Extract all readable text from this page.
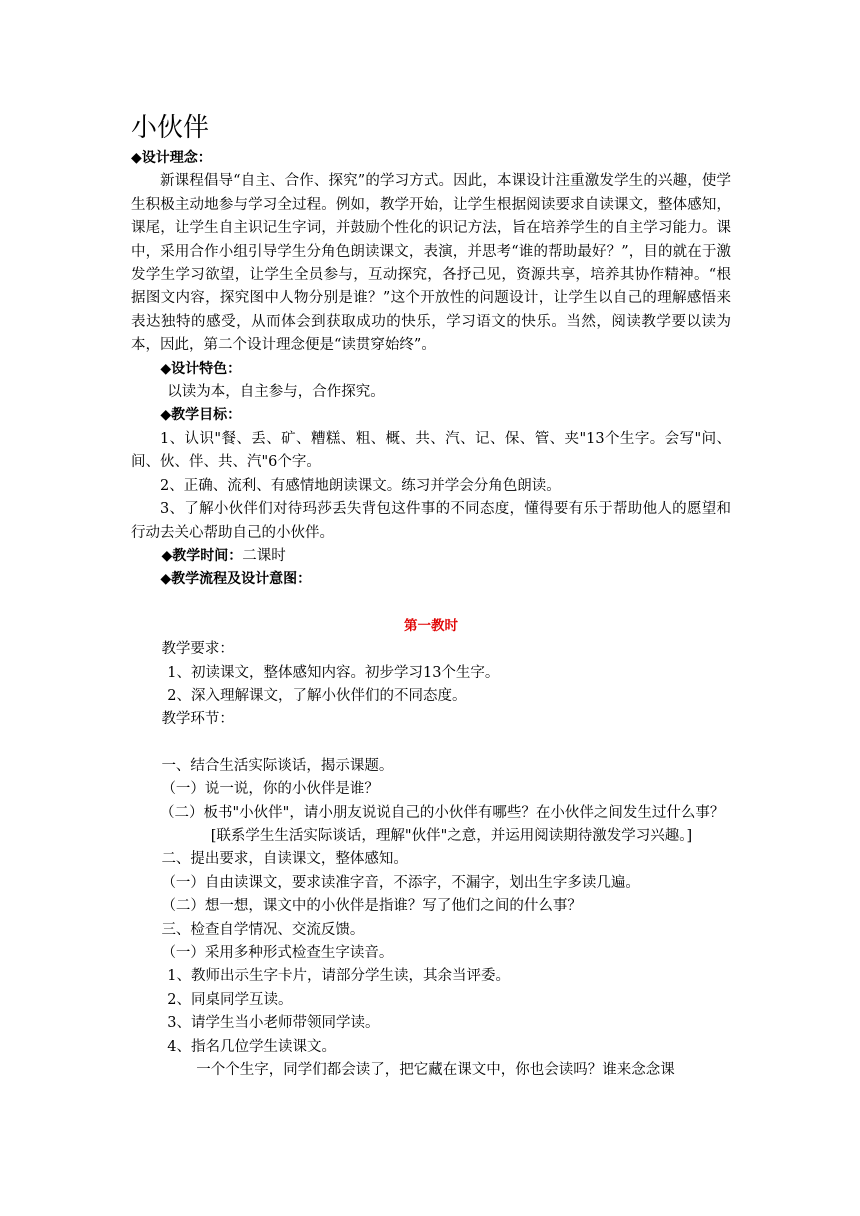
小伙伴

◆设计理念：

新课程倡导“自主、合作、探究”的学习方式。因此，本课设计注重激发学生的兴趣，使学生积极主动地参与学习全过程。例如，教学开始，让学生根据阅读要求自读课文，整体感知，课尾，让学生自主识记生字词，并鼓励个性化的识记方法，旨在培养学生的自主学习能力。课中，采用合作小组引导学生分角色朗读课文，表演，并思考“谁的帮助最好？”，目的就在于激发学生学习欲望，让学生全员参与，互动探究，各抒己见，资源共享，培养其协作精神。“根据图文内容，探究图中人物分别是谁？”这个开放性的问题设计，让学生以自己的理解感悟来表达独特的感受，从而体会到获取成功的快乐，学习语文的快乐。当然，阅读教学要以读为本，因此，第二个设计理念便是“读贯穿始终”。

◆设计特色：

以读为本，自主参与，合作探究。

◆教学目标：

1、认识"餐、丢、矿、糟糕、粗、概、共、汽、记、保、管、夹"13个生字。会写"问、间、伙、伴、共、汽"6个字。

2、正确、流利、有感情地朗读课文。练习并学会分角色朗读。

3、了解小伙伴们对待玛莎丢失背包这件事的不同态度，懂得要有乐于帮助他人的愿望和行动去关心帮助自己的小伙伴。

◆教学时间：二课时

◆教学流程及设计意图：

第一教时

教学要求：

1、初读课文，整体感知内容。初步学习13个生字。

2、深入理解课文，了解小伙伴们的不同态度。

教学环节：

一、结合生活实际谈话，揭示课题。

（一）说一说，你的小伙伴是谁？

（二）板书"小伙伴"，请小朋友说说自己的小伙伴有哪些？在小伙伴之间发生过什么事？

[联系学生生活实际谈话，理解"伙伴"之意，并运用阅读期待激发学习兴趣。]

二、提出要求，自读课文，整体感知。

（一）自由读课文，要求读准字音，不添字，不漏字，划出生字多读几遍。

（二）想一想，课文中的小伙伴是指谁？写了他们之间的什么事？

三、检查自学情况、交流反馈。

（一）采用多种形式检查生字读音。

1、教师出示生字卡片，请部分学生读，其余当评委。

2、同桌同学互读。

3、请学生当小老师带领同学读。

4、指名几位学生读课文。

一个个生字，同学们都会读了，把它藏在课文中，你也会读吗？谁来念念课
